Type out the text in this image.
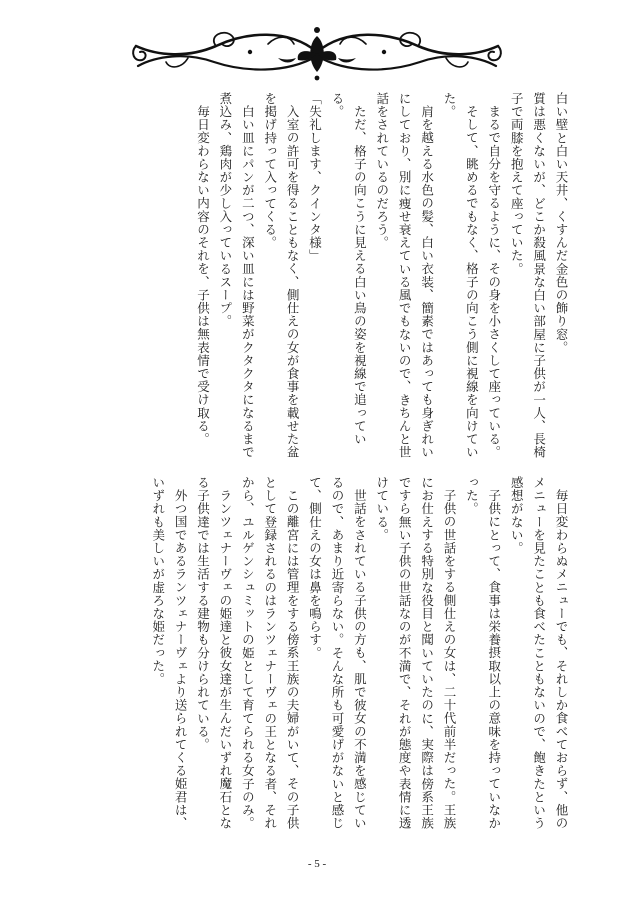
白い壁と白い天井、くすんだ金色の飾り窓。

質は悪くないが、どこか殺風景な白い部屋に子供が一人、長椅子で両膝を抱えて座っていた。

まるで自分を守るように、その身を小さくして座っている。

そして、眺めるでもなく、格子の向こう側に視線を向けていた。

肩を越える水色の髪、白い衣装、簡素ではあっても身ぎれいにしており、別に痩せ衰えている風でもないので、きちんと世話をされているのだろう。

ただ、格子の向こうに見える白い鳥の姿を視線で追っている。

「失礼します、クインタ様」

入室の許可を得ることもなく、側仕えの女が食事を載せた盆を掲げ持って入ってくる。

白い皿にパンが二つ、深い皿には野菜がクタクタになるまで煮込み、鶏肉が少し入っているスープ。

毎日変わらない内容のそれを、子供は無表情で受け取る。

毎日変わらぬメニューでも、それしか食べておらず、他のメニューを見たことも食べたこともないので、飽きたという感想がない。

子供にとって、食事は栄養摂取以上の意味を持っていなかった。

子供の世話をする側仕えの女は、二十代前半だった。王族にお仕えする特別な役目と聞いていたのに、実際は傍系王族ですら無い子供の世話なのが不満で、それが態度や表情に透けている。

世話をされている子供の方も、肌で彼女の不満を感じているので、あまり近寄らない。そんな所も可愛げがないと感じて、側仕えの女は鼻を鳴らす。

この離宮には管理をする傍系王族の夫婦がいて、その子供として登録されるのはランツェナーヴェの王となる者、それから、ユルゲンシュミットの姫として育てられる女子のみ。

ランツェナーヴェの姫達と彼女達が生んだいずれ魔石となる子供達では生活する建物も分けられている。

外つ国であるランツェナーヴェより送られてくる姫君は、いずれも美しいが虚ろな姫だった。

- 5 -
